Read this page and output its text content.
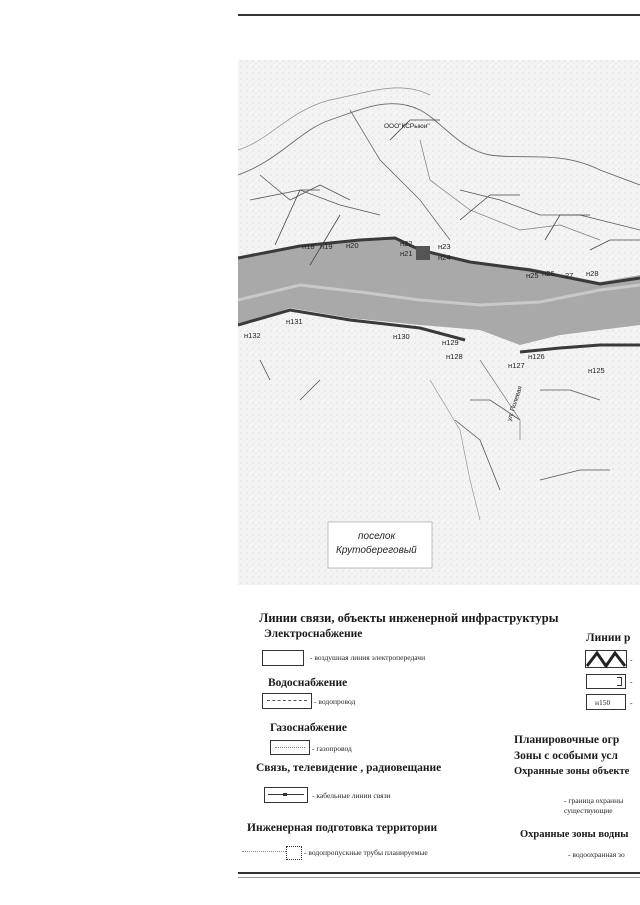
поселок
Крутобереговый
ООО"КСРыюи"
ул. Полевая
н18 н19 н20	н22
н21
н23
н24
н25 н26 27 н28
н131
н132	н130
н129
н128	н126
н127
н125
Линии связи, объекты инженерной инфраструктуры
Электроснабжение
- воздушная линия электропередачи
Водоснабжение
- водопровод
Газоснабжение
- газопровод
Связь, телевидение , радиовещание
- кабельные линии связи
Инженерная подготовка территории
- водопропускные трубы планируемые
Линии р
-
-
н150	-
Планировочные огр
Зоны с особыми усл
Охранные зоны объекте
- граница охранны
существующие
Охранные зоны водны
- водоохранная зо
